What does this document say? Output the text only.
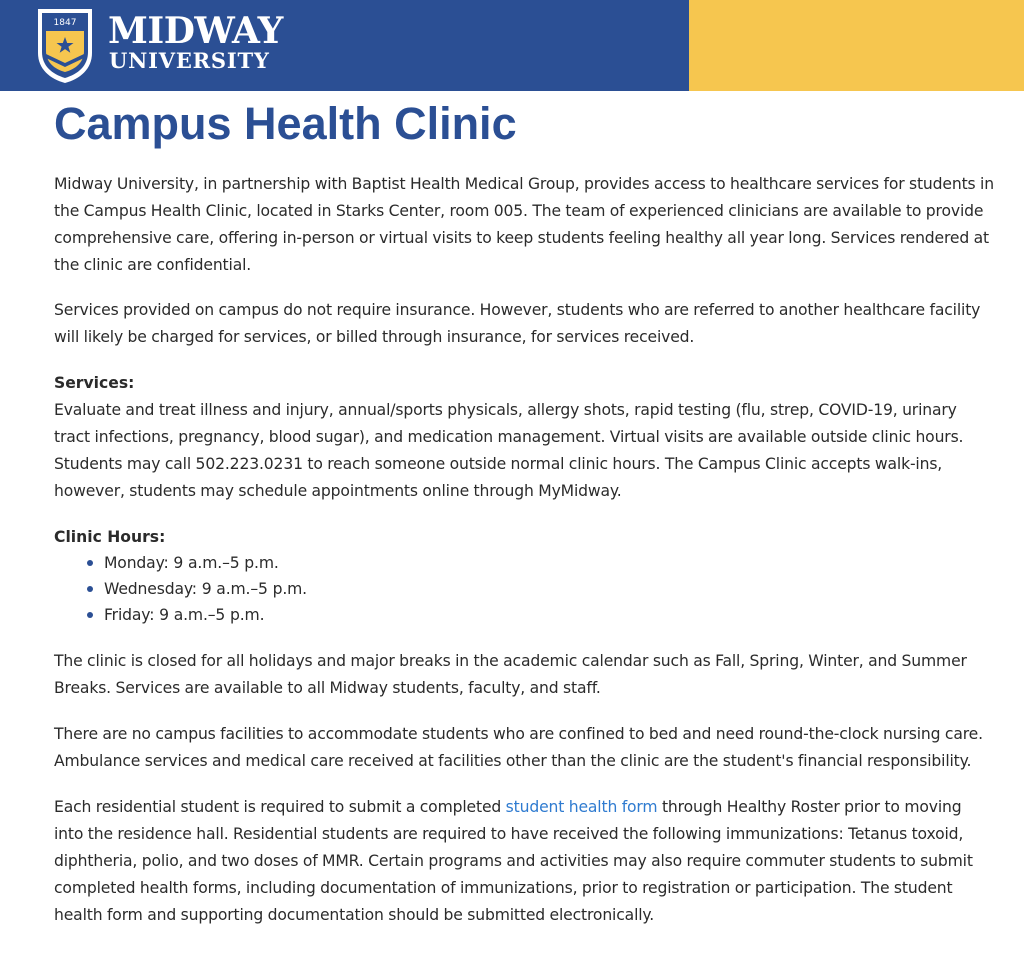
1847 MIDWAY
UNIVERSITY
Campus Health Clinic

Midway University, in partnership with Baptist Health Medical Group, provides access to healthcare services for students in the Campus Health Clinic, located in Starks Center, room 005. The team of experienced clinicians are available to provide comprehensive care, offering in-person or virtual visits to keep students feeling healthy all year long. Services rendered at the clinic are confidential.

Services provided on campus do not require insurance. However, students who are referred to another healthcare facility will likely be charged for services, or billed through insurance, for services received.

Services:

Evaluate and treat illness and injury, annual/sports physicals, allergy shots, rapid testing (flu, strep, COVID-19, urinary tract infections, pregnancy, blood sugar), and medication management. Virtual visits are available outside clinic hours. Students may call 502.223.0231 to reach someone outside normal clinic hours. The Campus Clinic accepts walk-ins, however, students may schedule appointments online through MyMidway.

Clinic Hours:
Monday: 9 a.m.–5 p.m.
Wednesday: 9 a.m.–5 p.m.
Friday: 9 a.m.–5 p.m.

The clinic is closed for all holidays and major breaks in the academic calendar such as Fall, Spring, Winter, and Summer Breaks. Services are available to all Midway students, faculty, and staff.

There are no campus facilities to accommodate students who are confined to bed and need round-the-clock nursing care. Ambulance services and medical care received at facilities other than the clinic are the student's financial responsibility.

Each residential student is required to submit a completed student health form through Healthy Roster prior to moving into the residence hall. Residential students are required to have received the following immunizations: Tetanus toxoid, diphtheria, polio, and two doses of MMR. Certain programs and activities may also require commuter students to submit completed health forms, including documentation of immunizations, prior to registration or participation. The student health form and supporting documentation should be submitted electronically.
